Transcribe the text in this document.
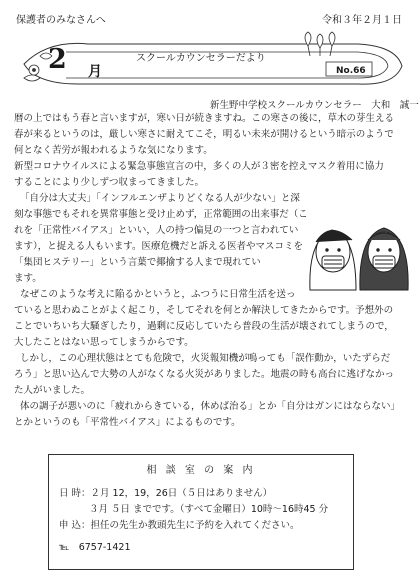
保護者のみなさんへ	令和３年２月１日
2 月
スクールカウンセラーだより
No.66
新生野中学校スクールカウンセラー　大和　誠一
暦の上ではもう春と言いますが，寒い日が続きますね。この寒さの後に，草木の芽生える
春が来るというのは，厳しい寒さに耐えてこそ，明るい未来が開けるという暗示のようで
何となく苦労が報われるような気になります。
新型コロナウイルスによる緊急事態宣言の中，多くの人が３密を控えマスク着用に協力
することにより少しずつ収まってきました。
「自分は大丈夫」「インフルエンザよりどくなる人が少ない」と深
刻な事態でもそれを異常事態と受け止めず，正常範囲の出来事だ（こ
れを「正常性バイアス」といい，人の持つ偏見の一つと言われてい
ます），と捉える人もいます。医療危機だと訴える医者やマスコミを
「集団ヒステリー」という言葉で揶揄する人まで現れてい
ます。
なぜこのような考えに陥るかというと，ふつうに日常生活を送っ
ていると思わぬことがよく起こり，そしてそれを何とか解決してきたからです。予想外の
ことでいちいち大騒ぎしたり，過剰に反応していたら普段の生活が壊されてしまうので，
大したことはない思ってしまうからです。
しかし，この心理状態はとても危険で，火災報知機が鳴っても「誤作動か，いたずらだ
ろう」と思い込んで大勢の人がなくなる火災がありました。地震の時も高台に逃げなかっ
た人がいました。
体の調子が悪いのに「疲れからきている，休めば治る」とか「自分はガンにはならない」
とかというのも「平常性バイアス」によるものです。
相 談 室 の 案 内
日 時：２月 12，19，26日（５日はありません）
３月 ５日 までです。（すべて金曜日）10時～16時45 分
申 込：担任の先生か教頭先生に予約を入れてください。
℡　6757-1421
